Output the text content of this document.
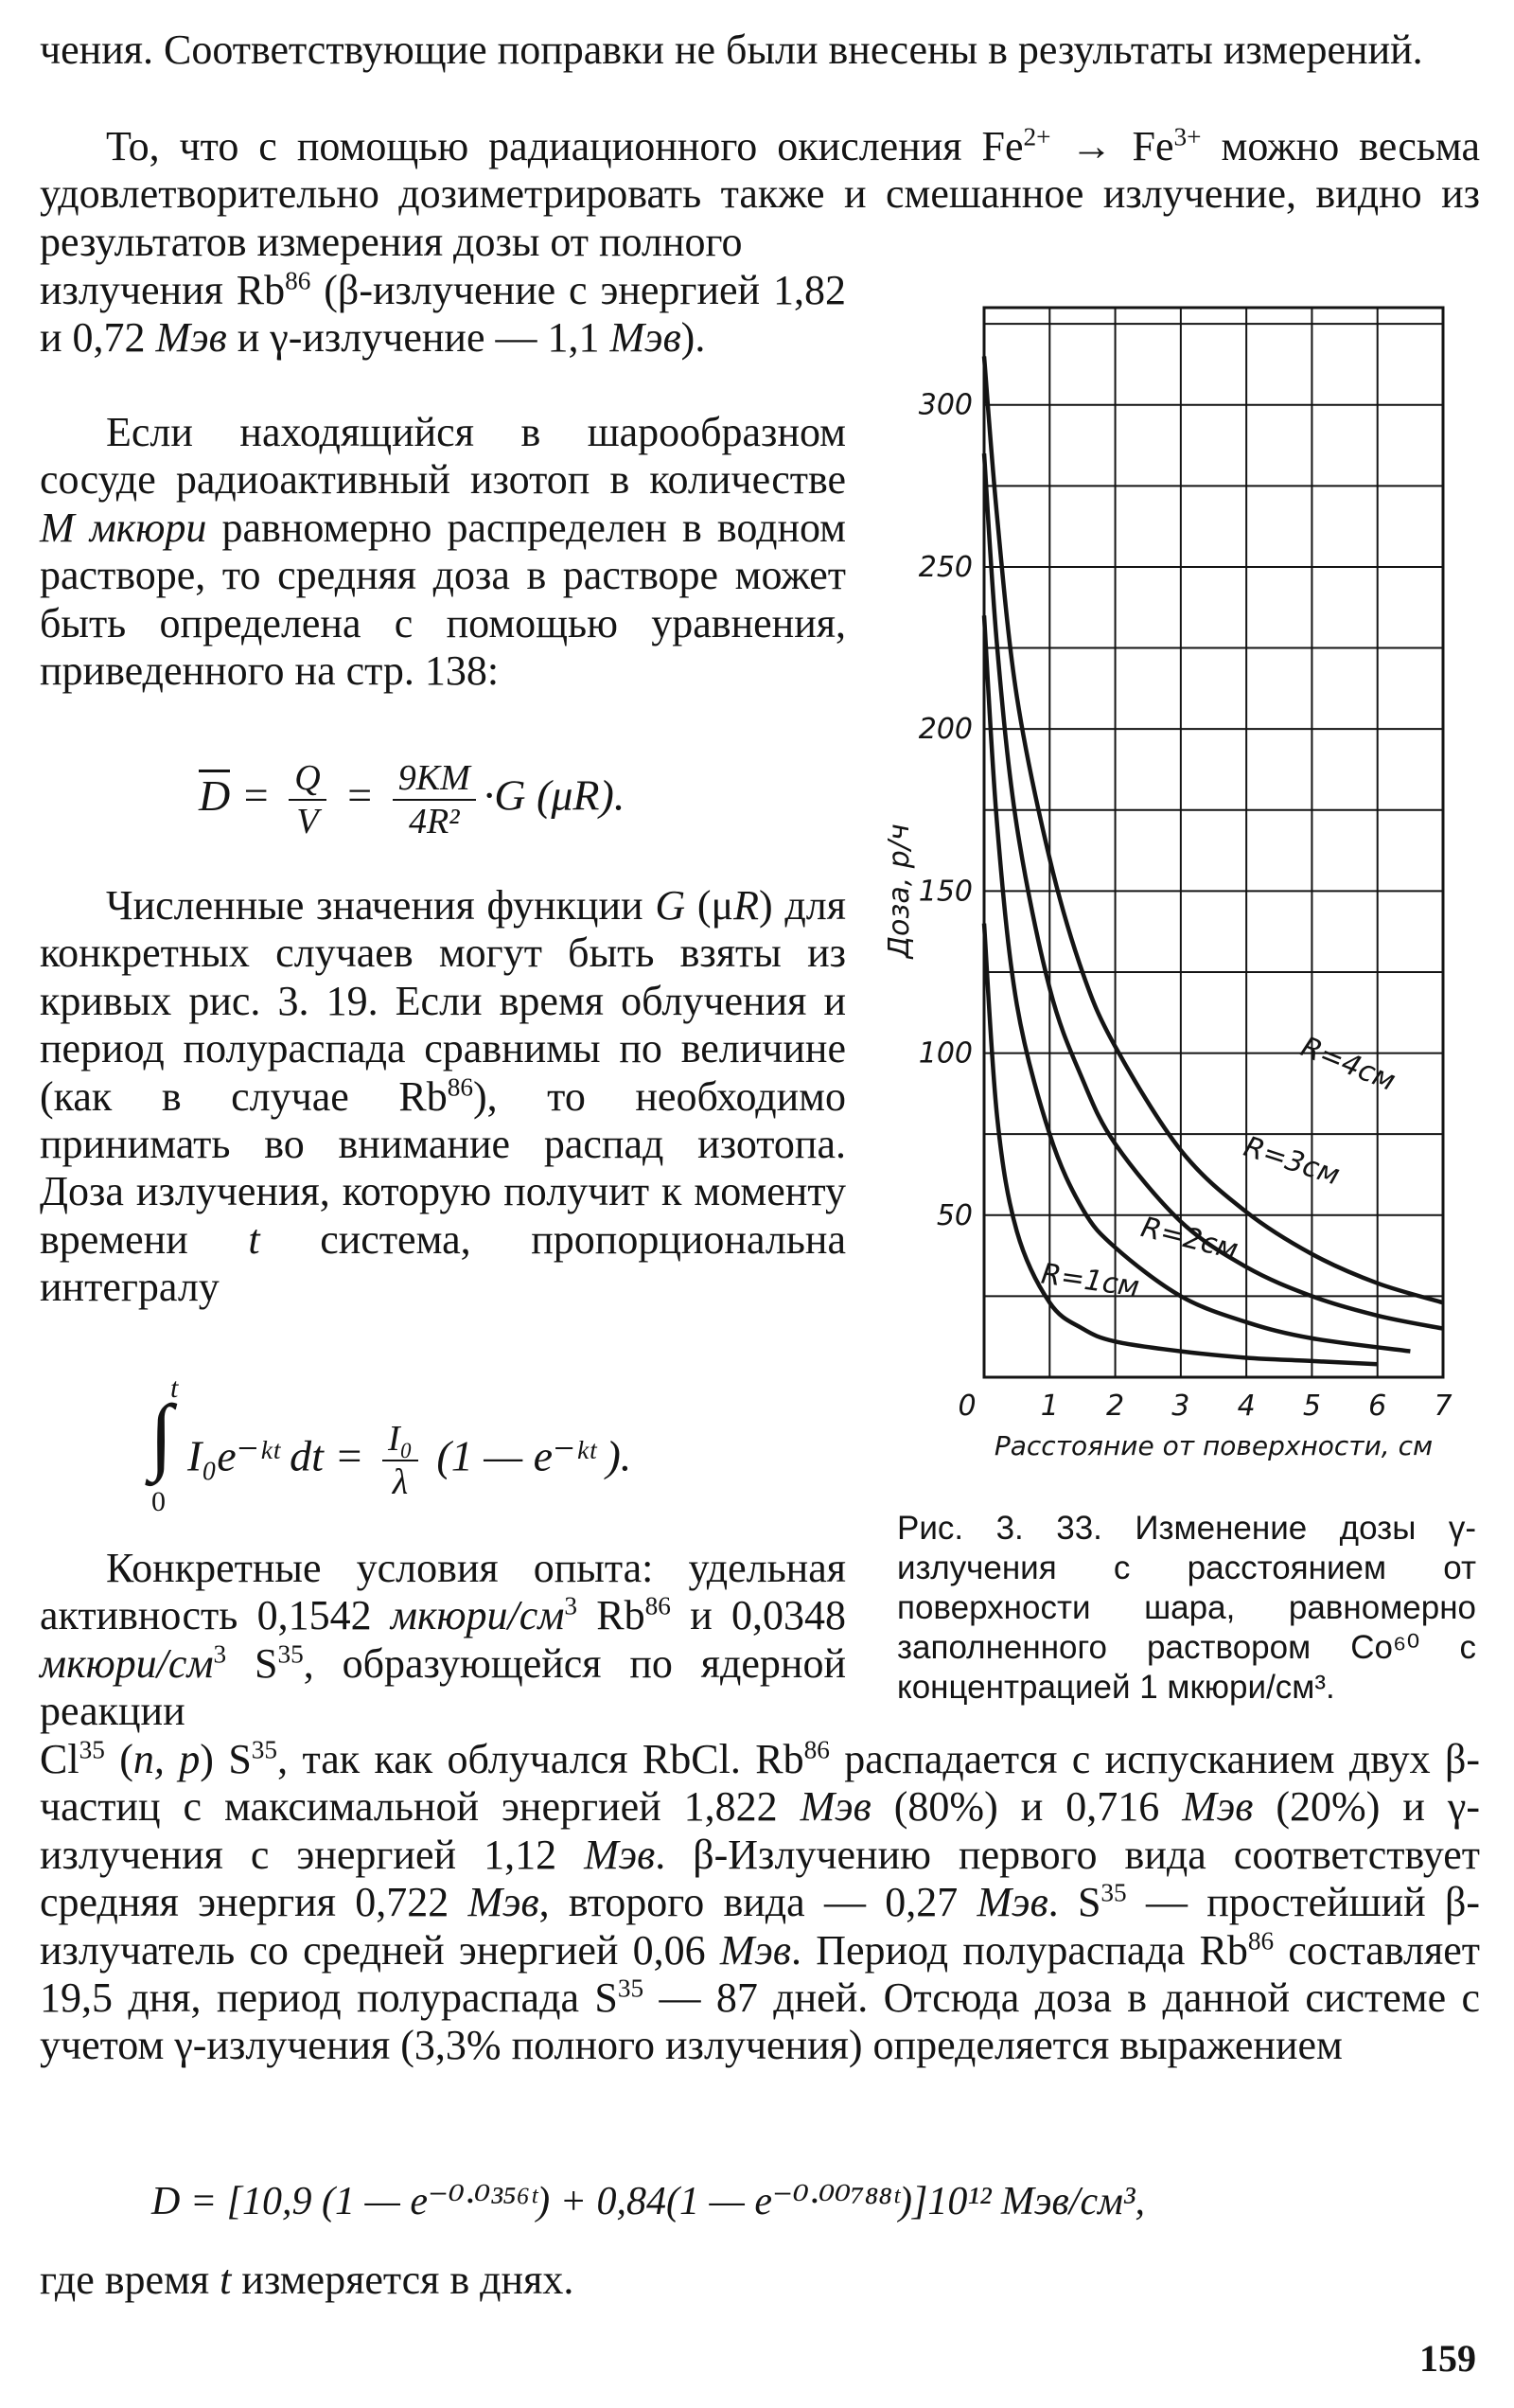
чения. Соответствующие поправки не были внесены в результаты измерений.

То, что с помощью радиационного окисления $Fe^{2+} \to Fe^{3+}$ можно весьма удовлетворительно дозиметрировать также и смешанное излучение, видно из результатов измерения дозы от полного

излучения Rb$^{86}$ (β-излучение с энергией 1,82 и 0,72 Мэв и γ-излучение — 1,1 Мэв).

Если находящийся в шарообразном сосуде радиоактивный изотоп в количестве М мкюри равномерно распределен в водном растворе, то средняя доза в растворе может быть определена с помощью уравнения, приведенного на стр. 138:

$D = \frac{Q}{V} = \frac{9KM}{\text{4R²}} \cdot G$ (μR).

Численные значения функции G (μR) для конкретных случаев могут быть взяты из кривых рис. 3. 19. Если время облучения и период полураспада сравнимы по величине (как в случае Rb$^{86}$), то необходимо принимать во внимание распад изотопа. Доза излучения, которую получит к моменту времени t система, пропорциональна интегралу

t
∫
0
I₀e⁻ᵏᵗ dt = $\frac{\text{I₀}}{\lambda} (1$ — e⁻ᵏᵗ ).

Конкретные условия опыта: удельная активность 0,1542 мкюри/$см^3$ Rb$^{86}$ и 0,0348 мкюри/$см^3$ $S^{35}$, образующейся по ядерной реакции

Cl$^{35}$ (n, p) $S^{35}$, так как облучался RbCl. Rb$^{86}$ распадается с испусканием двух β-частиц с максимальной энергией 1,822 Мэв (80%) и 0,716 Мэв (20%) и γ-излучения с энергией 1,12 Мэв. β-Излучению первого вида соответствует средняя энергия 0,722 Мэв, второго вида — 0,27 Мэв. $S^{35}$ — простейший β-излучатель со средней энергией 0,06 Мэв. Период полураспада Rb$^{86}$ составляет 19,5 дня, период полураспада $S^{35}$ — 87 дней. Отсюда доза в данной системе с учетом γ-излучения (3,3% полного излучения) определяется выражением

D = [10,9 (1 — e⁻⁰·⁰³⁵⁶ᵗ) + 0,84(1 — e⁻⁰·⁰⁰⁷⁸⁸ᵗ)]10¹² Мэв/см³,

где время t измеряется в днях.

50
100
150
200
250
300
0 1 2 3 4 5 6 7
Расстояние от поверхности, см
Доза, р/ч
R=1см
R=2см
R=3см
R=4см

Рис. 3. 33. Изменение дозы γ-излучения с расстоянием от поверхности шара, равномерно заполненного раствором Co⁶⁰ с концентрацией 1 мкюри/см³.

159
